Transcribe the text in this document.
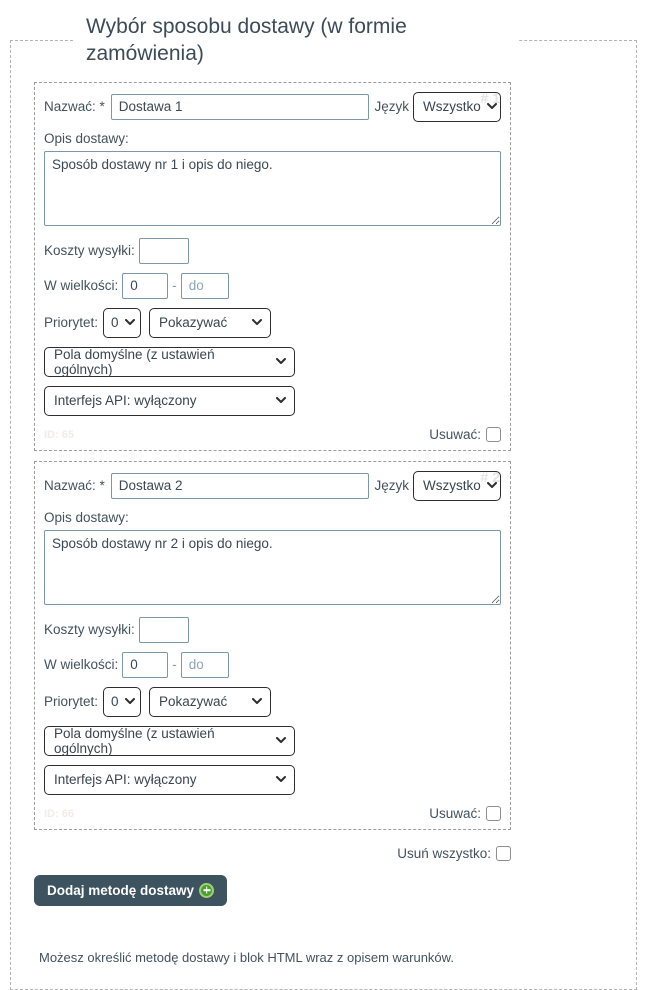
Wybór sposobu dostawy (w formie zamówienia)
# 1
Nazwać: *
Dostawa 1	Język Wszystko
Opis dostawy:
Sposób dostawy nr 1 i opis do niego.
Koszty wysyłki:
W wielkości:
0	-
do
Priorytet: 0	Pokazywać
Pola domyślne (z ustawień ogólnych)
Interfejs API: wyłączony
ID: 65	Usuwać:
# 2
Nazwać: *
Dostawa 2	Język Wszystko
Opis dostawy:
Sposób dostawy nr 2 i opis do niego.
Koszty wysyłki:
W wielkości:
0	-
do
Priorytet: 0	Pokazywać
Pola domyślne (z ustawień ogólnych)
Interfejs API: wyłączony
ID: 66	Usuwać:
Usuń wszystko:
Dodaj metodę dostawy

Możesz określić metodę dostawy i blok HTML wraz z opisem warunków.
